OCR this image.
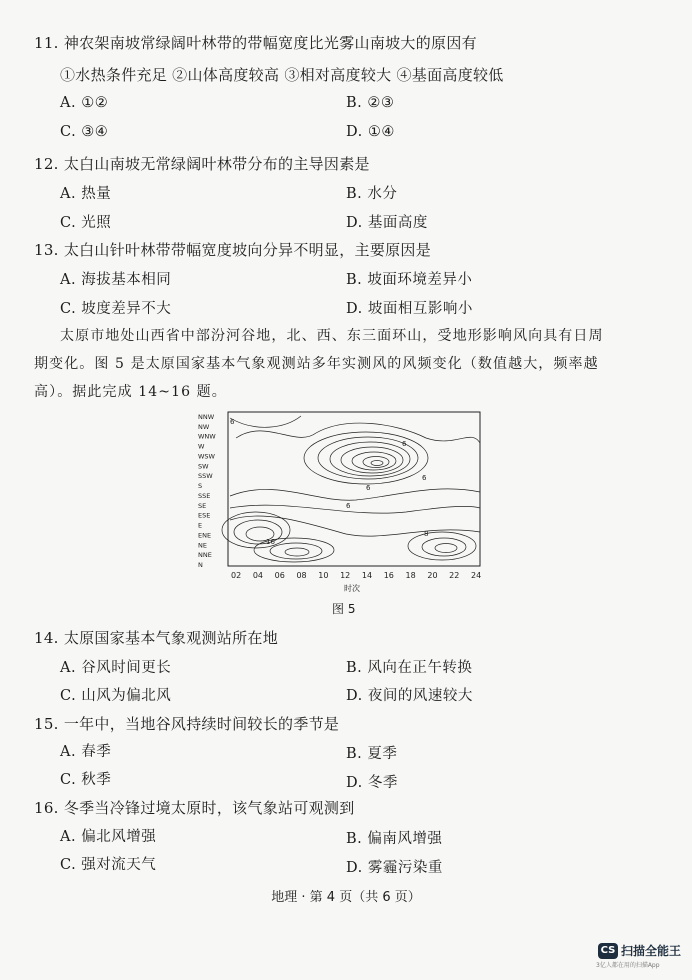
11. 神农架南坡常绿阔叶林带的带幅宽度比光雾山南坡大的原因有
①水热条件充足 ②山体高度较高 ③相对高度较大 ④基面高度较低
A. ①②	B. ②③
C. ③④	D. ①④
12. 太白山南坡无常绿阔叶林带分布的主导因素是
A. 热量	B. 水分
C. 光照	D. 基面高度
13. 太白山针叶林带带幅宽度坡向分异不明显，主要原因是
A. 海拔基本相同	B. 坡面环境差异小
C. 坡度差异不大	D. 坡面相互影响小
太原市地处山西省中部汾河谷地，北、西、东三面环山，受地形影响风向具有日周
期变化。图 5 是太原国家基本气象观测站多年实测风的风频变化（数值越大，频率越
高）。据此完成 14~16 题。
NNW
NW
WNW
W
WSW
SW
SSW
S
SSE
SE
ESE
E
ENE
NE
NNE
N
6
6
6
6
6
8
16
02 04 06 08 10 12 14 16 18 20 22 24
时次
图 5
14. 太原国家基本气象观测站所在地
A. 谷风时间更长	B. 风向在正午转换
C. 山风为偏北风	D. 夜间的风速较大
15. 一年中，当地谷风持续时间较长的季节是
A. 春季	B. 夏季
C. 秋季	D. 冬季
16. 冬季当冷锋过境太原时，该气象站可观测到
A. 偏北风增强	B. 偏南风增强
C. 强对流天气	D. 雾霾污染重
地理 · 第 4 页（共 6 页）
CS 扫描全能王
3亿人都在用的扫描App
